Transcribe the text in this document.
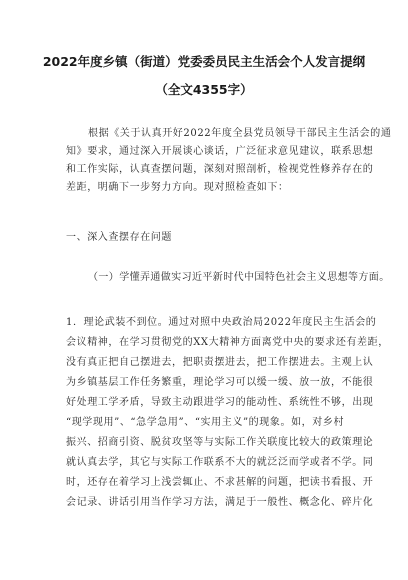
2022年度乡镇（街道）党委委员民主生活会个人发言提纲
（全文4355字）
根据《关于认真开好2022年度全县党员领导干部民主生活会的通
知》要求，通过深入开展谈心谈话，广泛征求意见建议，联系思想
和工作实际，认真查摆问题，深刻对照剖析，检视党性修养存在的
差距，明确下一步努力方向。现对照检查如下：
一、深入查摆存在问题
（一）学懂弄通做实习近平新时代中国特色社会主义思想等方面。
1．理论武装不到位。通过对照中央政治局2022年度民主生活会的
会议精神，在学习贯彻党的XX大精神方面离党中央的要求还有差距，
没有真正把自己摆进去，把职责摆进去，把工作摆进去。主观上认
为乡镇基层工作任务繁重，理论学习可以缓一缓、放一放，不能很
好处理工学矛盾，导致主动跟进学习的能动性、系统性不够，出现
“现学现用”、“急学急用”、“实用主义”的现象。如，对乡村
振兴、招商引资、脱贫攻坚等与实际工作关联度比较大的政策理论
就认真去学，其它与实际工作联系不大的就泛泛而学或者不学。同
时，还存在着学习上浅尝辄止、不求甚解的问题，把读书看报、开
会记录、讲话引用当作学习方法，满足于一般性、概念化、碎片化
